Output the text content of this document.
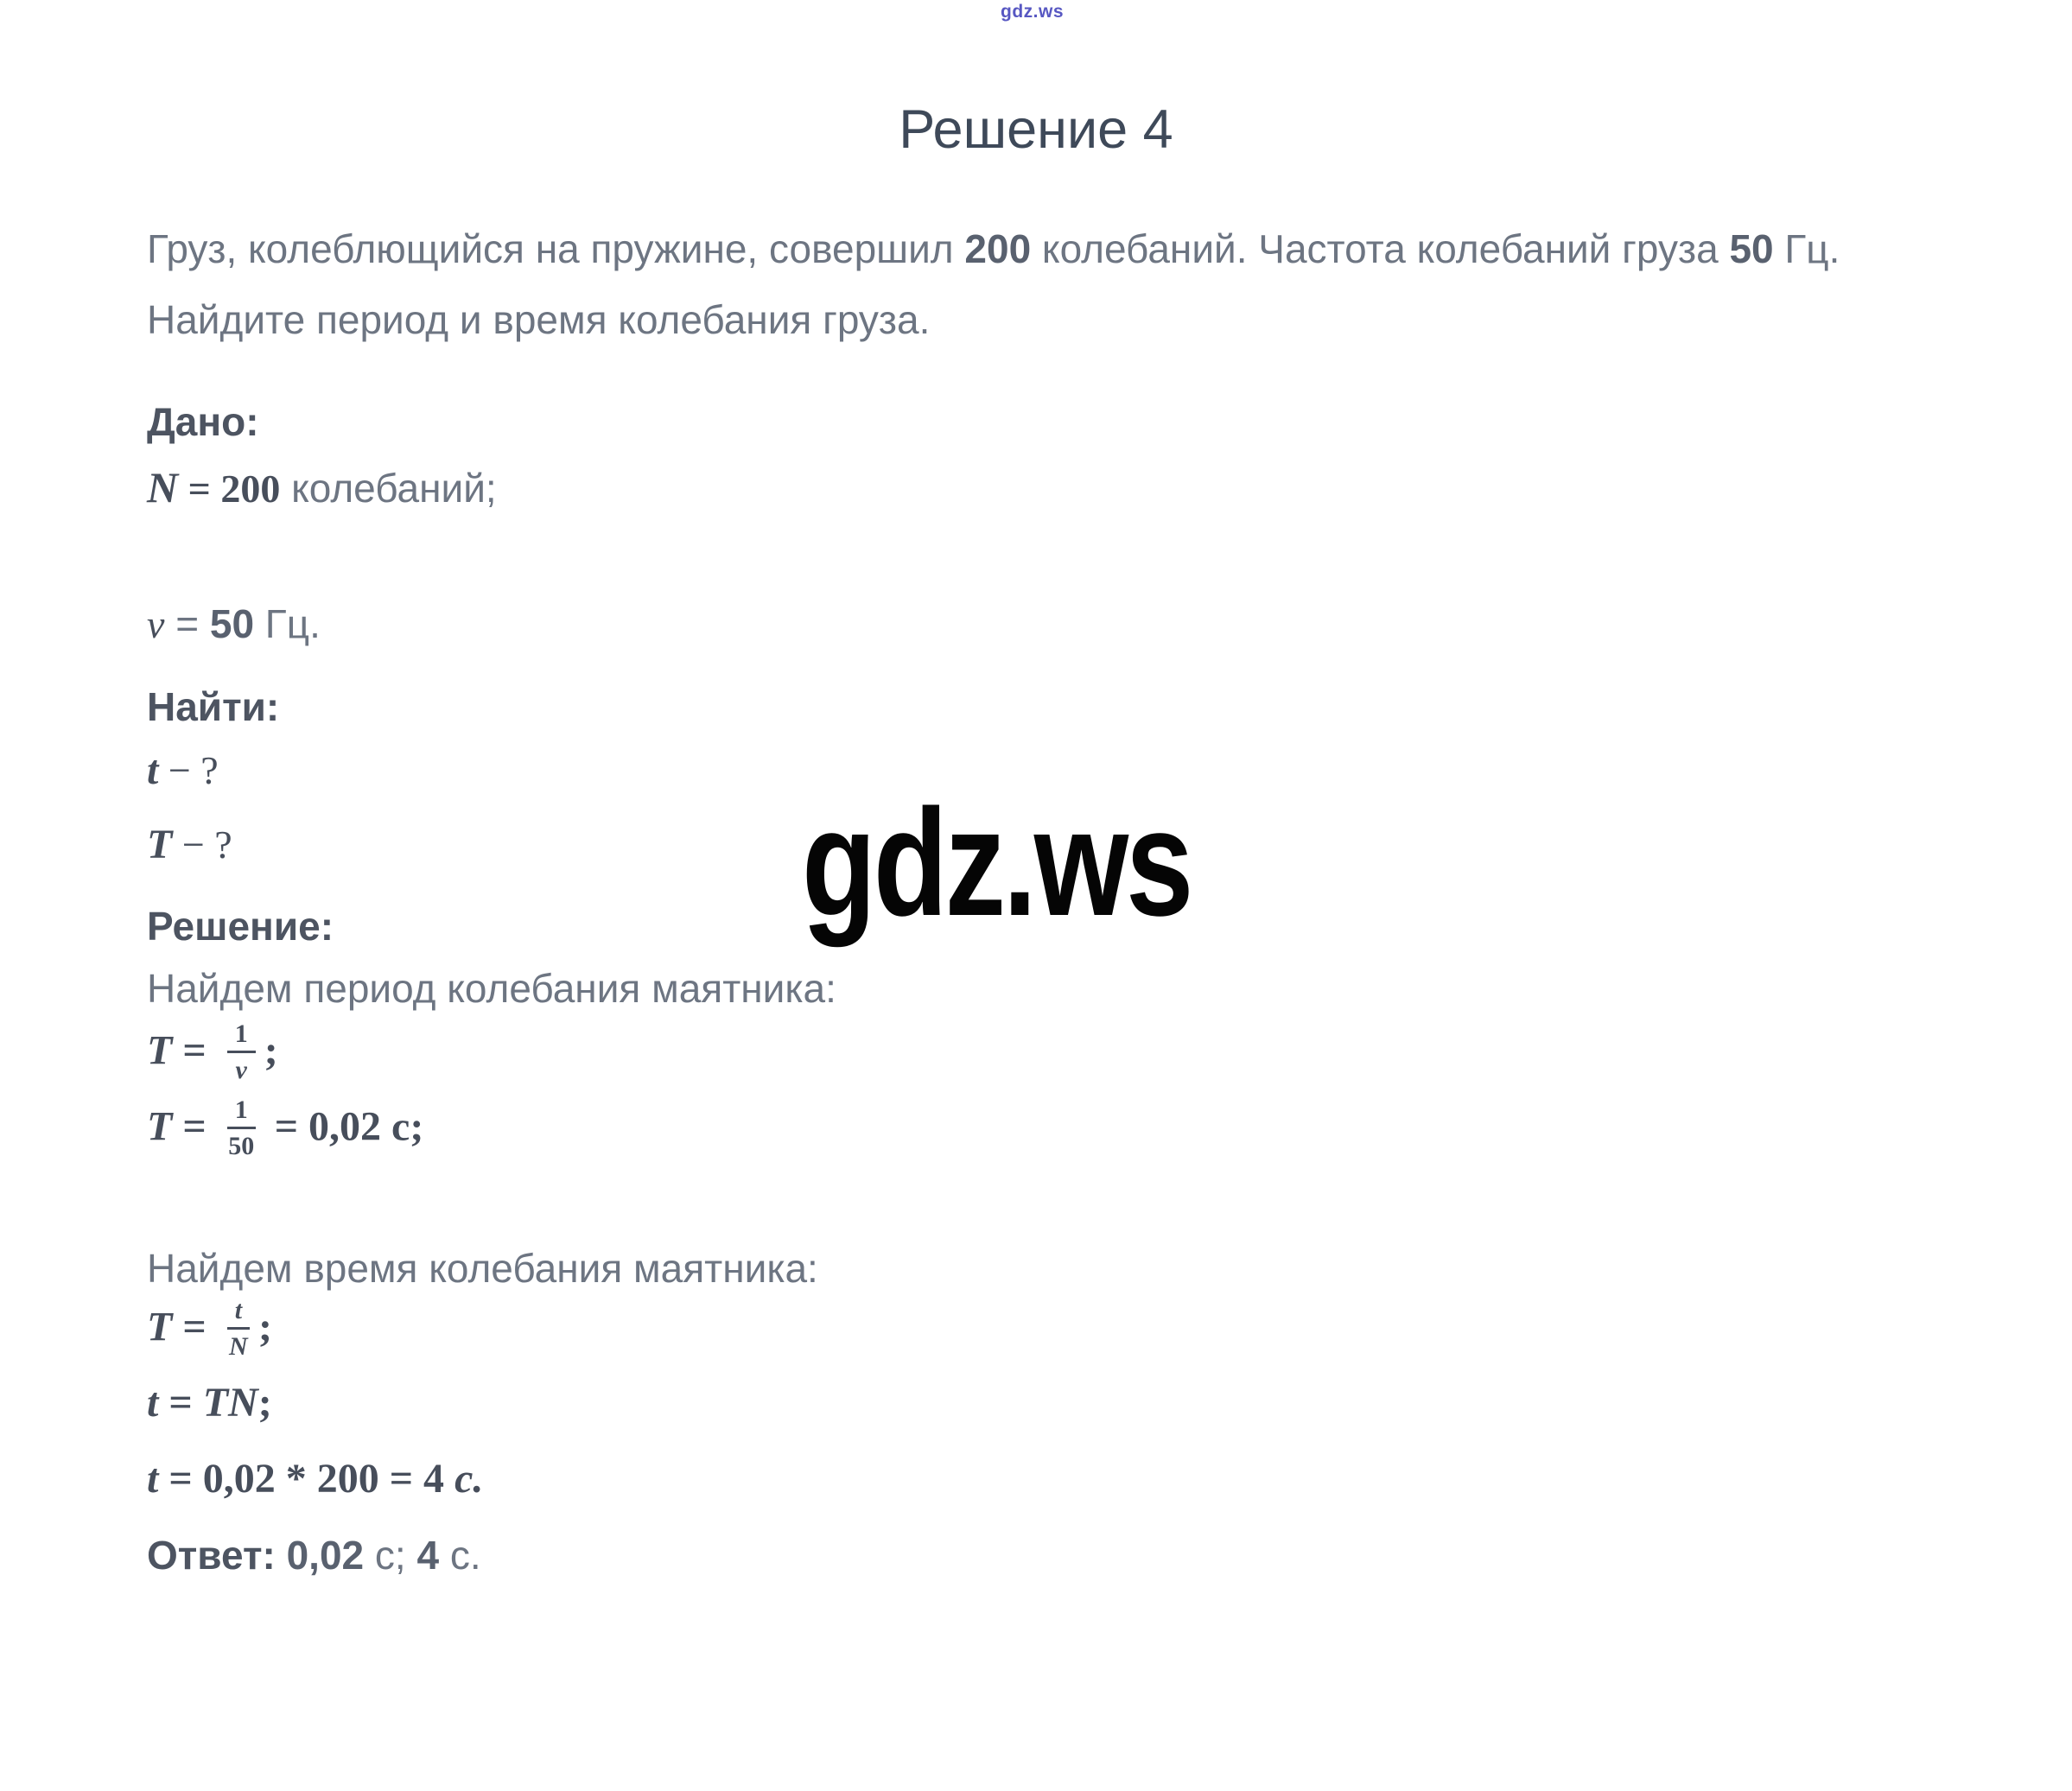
gdz.ws
Решение 4
Груз, колеблющийся на пружине, совершил 200 колебаний. Частота колебаний груза 50 Гц.
Найдите период и время колебания груза.
Дано:
N = 200 колебаний;
ν = 50 Гц.
Найти:
t − ?
T − ?	gdz.ws
Решение:
Найдем период колебания маятника:
$T = \frac{1}{\nu}$ ;
$T = \frac{1}{50} = 0,02$ с;
Найдем время колебания маятника:
$T = \frac{t}{N}$ ;
t = TN;
t = 0,02 * 200 = 4 с.
Ответ: 0,02 с; 4 с.
